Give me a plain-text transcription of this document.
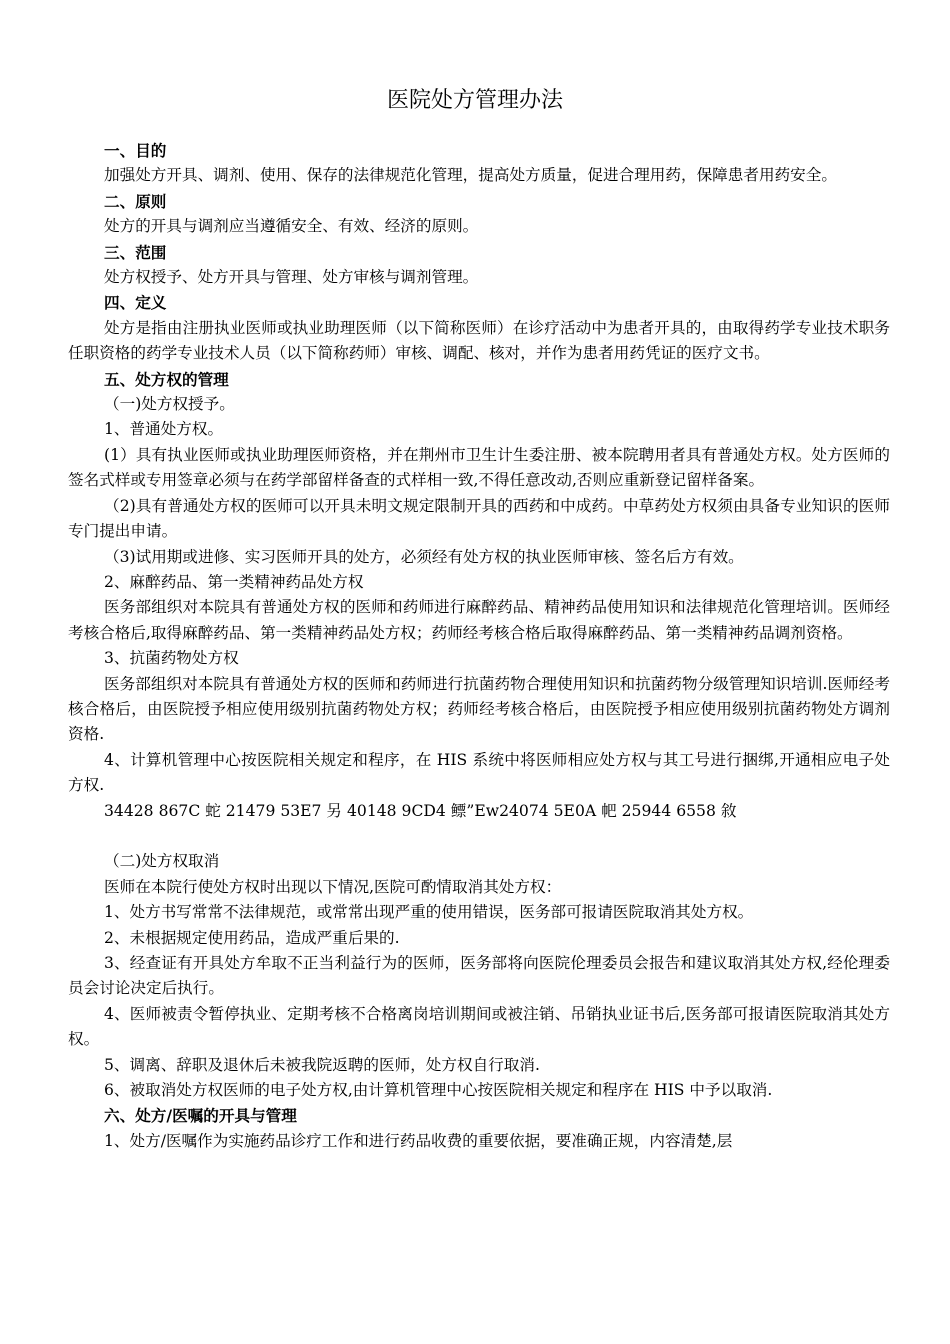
医院处方管理办法

一、目的

加强处方开具、调剂、使用、保存的法律规范化管理，提高处方质量，促进合理用药，保障患者用药安全。

二、原则

处方的开具与调剂应当遵循安全、有效、经济的原则。

三、范围

处方权授予、处方开具与管理、处方审核与调剂管理。

四、定义

处方是指由注册执业医师或执业助理医师（以下简称医师）在诊疗活动中为患者开具的，由取得药学专业技术职务任职资格的药学专业技术人员（以下简称药师）审核、调配、核对，并作为患者用药凭证的医疗文书。

五、处方权的管理

（一)处方权授予。

1、普通处方权。

(1）具有执业医师或执业助理医师资格，并在荆州市卫生计生委注册、被本院聘用者具有普通处方权。处方医师的签名式样或专用签章必须与在药学部留样备查的式样相一致,不得任意改动,否则应重新登记留样备案。

（2)具有普通处方权的医师可以开具未明文规定限制开具的西药和中成药。中草药处方权须由具备专业知识的医师专门提出申请。

（3)试用期或进修、实习医师开具的处方，必须经有处方权的执业医师审核、签名后方有效。

2、麻醉药品、第一类精神药品处方权

医务部组织对本院具有普通处方权的医师和药师进行麻醉药品、精神药品使用知识和法律规范化管理培训。医师经考核合格后,取得麻醉药品、第一类精神药品处方权；药师经考核合格后取得麻醉药品、第一类精神药品调剂资格。

3、抗菌药物处方权

医务部组织对本院具有普通处方权的医师和药师进行抗菌药物合理使用知识和抗菌药物分级管理知识培训.医师经考核合格后，由医院授予相应使用级别抗菌药物处方权；药师经考核合格后，由医院授予相应使用级别抗菌药物处方调剂资格.

4、计算机管理中心按医院相关规定和程序，在 HIS 系统中将医师相应处方权与其工号进行捆绑,开通相应电子处方权.

34428 867C 蛇 21479 53E7 另 40148 9CD4 鳔”Ew24074 5E0A 帊 25944 6558 敘

（二)处方权取消

医师在本院行使处方权时出现以下情况,医院可酌情取消其处方权：

1、处方书写常常不法律规范，或常常出现严重的使用错误，医务部可报请医院取消其处方权。

2、未根据规定使用药品，造成严重后果的.

3、经查证有开具处方牟取不正当利益行为的医师，医务部将向医院伦理委员会报告和建议取消其处方权,经伦理委员会讨论决定后执行。

4、医师被责令暂停执业、定期考核不合格离岗培训期间或被注销、吊销执业证书后,医务部可报请医院取消其处方权。

5、调离、辞职及退休后未被我院返聘的医师，处方权自行取消.

6、被取消处方权医师的电子处方权,由计算机管理中心按医院相关规定和程序在 HIS 中予以取消.

六、处方/医嘱的开具与管理

1、处方/医嘱作为实施药品诊疗工作和进行药品收费的重要依据，要准确正规，内容清楚,层
